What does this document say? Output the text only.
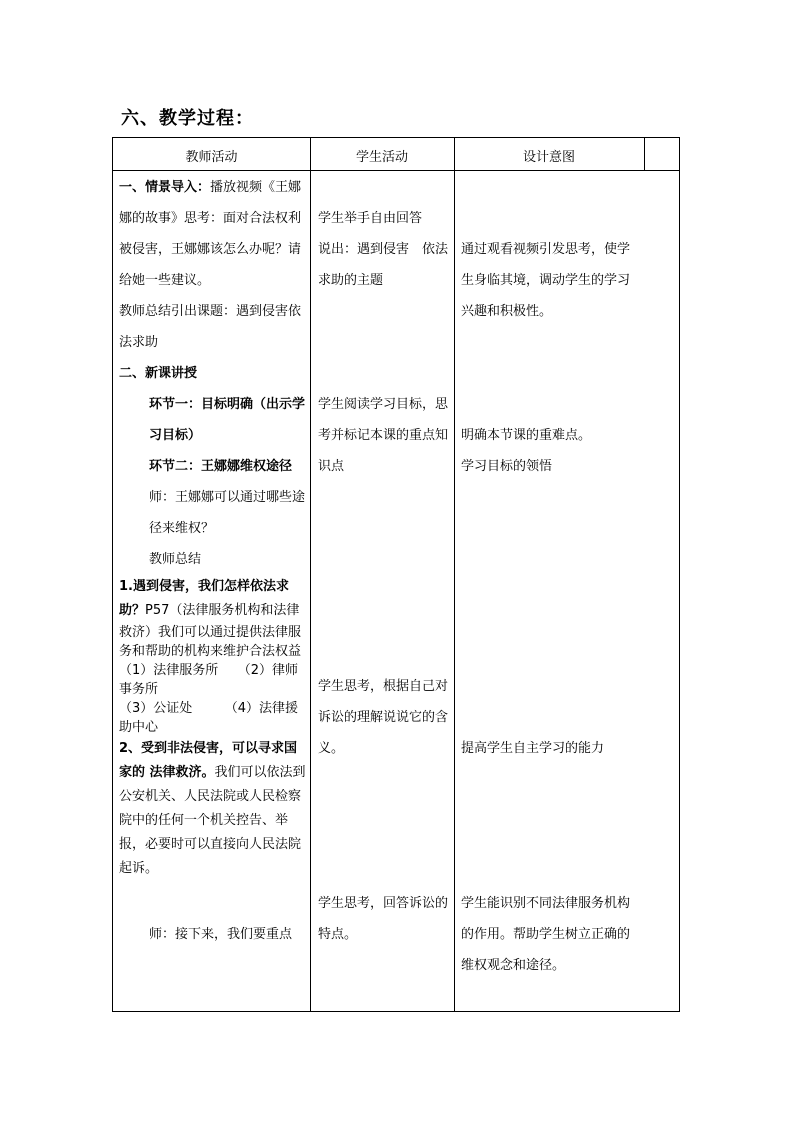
六、教学过程：
教师活动	学生活动	设计意图

一、情景导入：播放视频《王娜娜的故事》思考：面对合法权利被侵害，王娜娜该怎么办呢？请给她一些建议。

教师总结引出课题：遇到侵害依法求助

二、新课讲授

环节一：目标明确（出示学习目标）

环节二：王娜娜维权途径

师：王娜娜可以通过哪些途径来维权？

教师总结

1.遇到侵害，我们怎样依法求助？P57（法律服务机构和法律救济）我们可以通过提供法律服务和帮助的机构来维护合法权益

（1）法律服务所　　（2）律师事务所

（3）公证处　　　（4）法律援助中心

2、受到非法侵害，可以寻求国家的 法律救济。我们可以依法到公安机关、人民法院或人民检察院中的任何一个机关控告、举报，必要时可以直接向人民法院起诉。

师：接下来，我们要重点

学生举手自由回答

说出：遇到侵害　依法求助的主题

学生阅读学习目标，思考并标记本课的重点知识点
学生思考，根据自己对诉讼的理解说说它的含义。
学生思考，回答诉讼的特点。
通过观看视频引发思考，使学生身临其境，调动学生的学习兴趣和积极性。
明确本节课的重难点。
学习目标的领悟
提高学生自主学习的能力
学生能识别不同法律服务机构的作用。帮助学生树立正确的维权观念和途径。
